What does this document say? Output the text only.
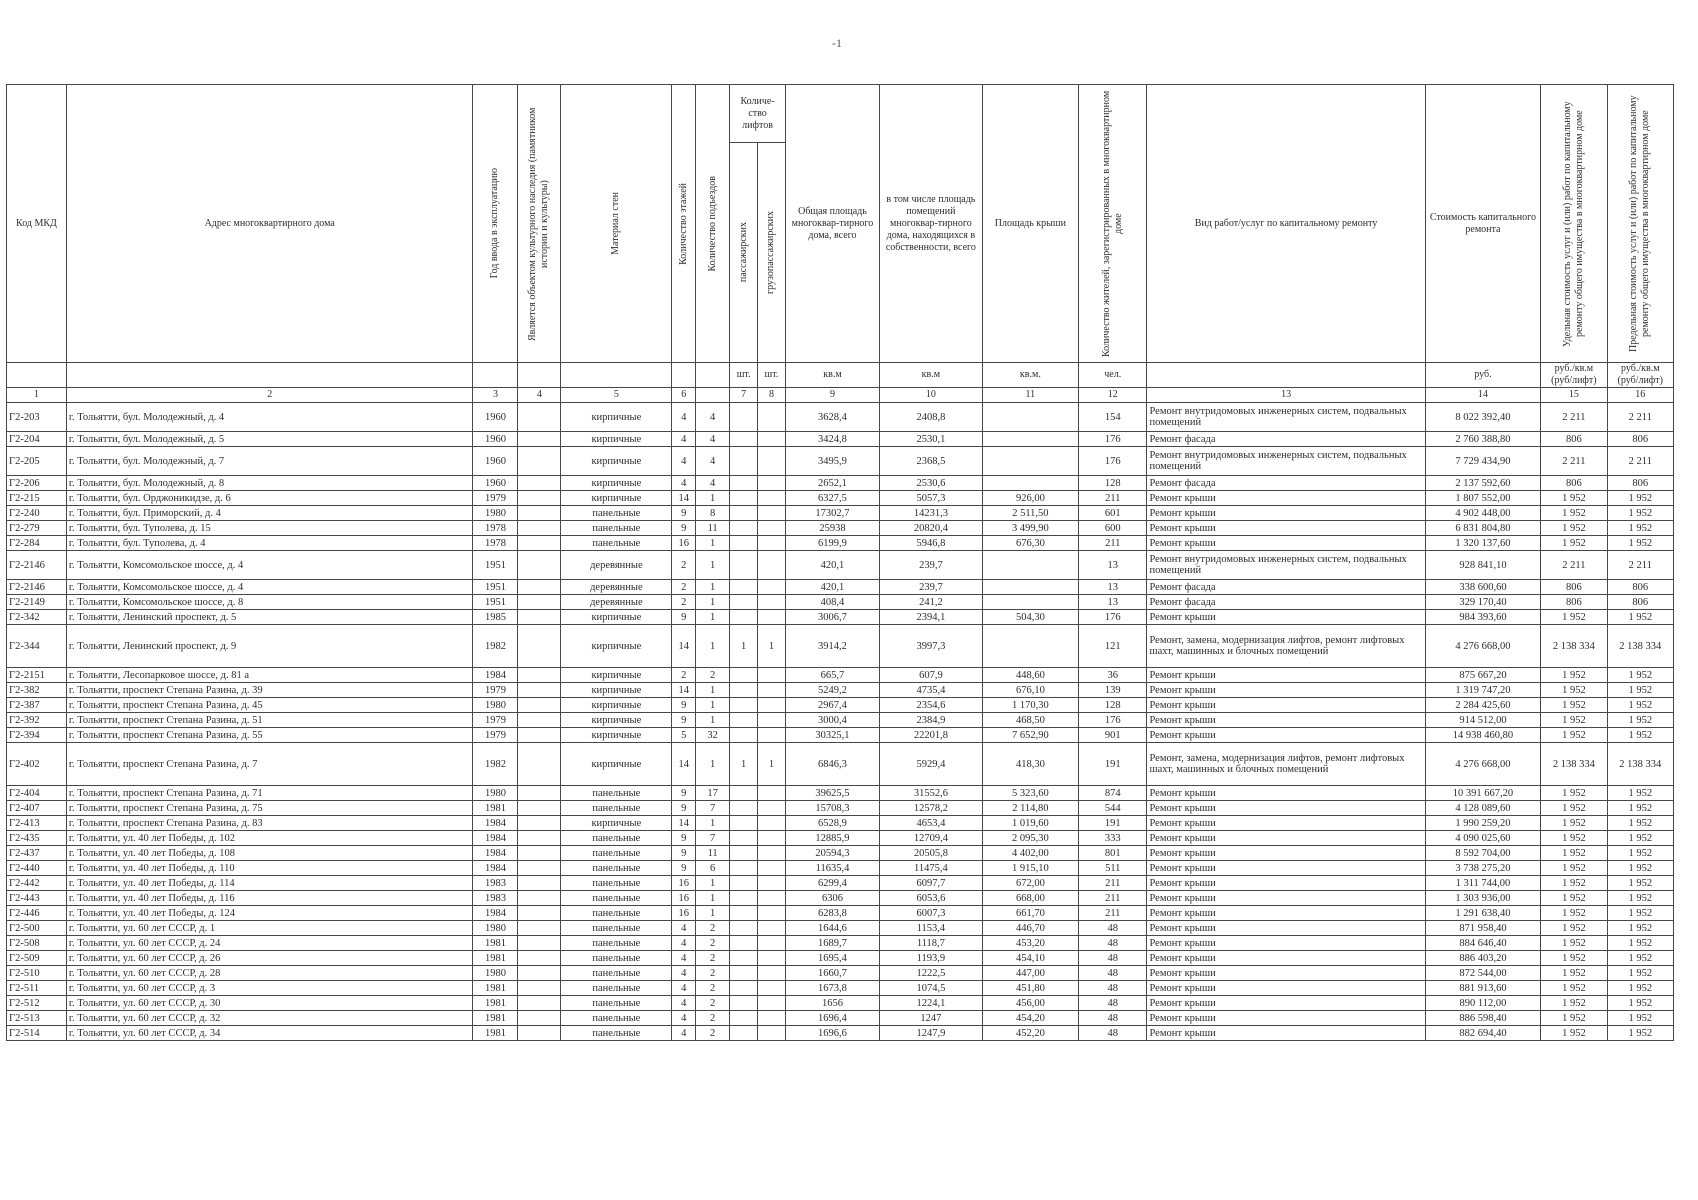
-1
Код МКД	Адрес многоквартирного дома	Год ввода в эксплуатацию	Является объектом культурного наследия (памятником истории и культуры)	Материал стен	Количество этажей	Количество подъездов	Количе-ство лифтов		Общая площадь многоквар-тирного дома, всего	в том числе площадь помещений многоквар-тирного дома, находящихся в собственности, всего	Площадь крыши	Количество жителей, зарегистрированных в многоквартирном доме	Вид работ/услуг по капитальному ремонту	Стоимость капитального ремонта	Удельная стоимость услуг и (или) работ по капитальному ремонту общего имущества в многоквартирном доме	Предельная стоимость услуг и (или) работ по капитальному ремонту общего имущества в многоквартирном доме

							пассажирских	грузопассажирских								

							шт.	шт.	кв.м	кв.м	кв.м.	чел.		руб.	руб./кв.м (руб/лифт)	руб./кв.м (руб/лифт)
1	2	3	4	5	6		7	8	9	10	11	12	13	14	15	16
Г2-203	г. Тольятти, бул. Молодежный, д. 4	1960		кирпичные	4	4			3628,4	2408,8		154	Ремонт внутридомовых инженерных систем, подвальных помещений	8 022 392,40	2 211	2 211
Г2-204	г. Тольятти, бул. Молодежный, д. 5	1960		кирпичные	4	4			3424,8	2530,1		176	Ремонт фасада	2 760 388,80	806	806
Г2-205	г. Тольятти, бул. Молодежный, д. 7	1960		кирпичные	4	4			3495,9	2368,5		176	Ремонт внутридомовых инженерных систем, подвальных помещений	7 729 434,90	2 211	2 211
Г2-206	г. Тольятти, бул. Молодежный, д. 8	1960		кирпичные	4	4			2652,1	2530,6		128	Ремонт фасада	2 137 592,60	806	806
Г2-215	г. Тольятти, бул. Орджоникидзе, д. 6	1979		кирпичные	14	1			6327,5	5057,3	926,00	211	Ремонт крыши	1 807 552,00	1 952	1 952
Г2-240	г. Тольятти, бул. Приморский, д. 4	1980		панельные	9	8			17302,7	14231,3	2 511,50	601	Ремонт крыши	4 902 448,00	1 952	1 952
Г2-279	г. Тольятти, бул. Туполева, д. 15	1978		панельные	9	11			25938	20820,4	3 499,90	600	Ремонт крыши	6 831 804,80	1 952	1 952
Г2-284	г. Тольятти, бул. Туполева, д. 4	1978		панельные	16	1			6199,9	5946,8	676,30	211	Ремонт крыши	1 320 137,60	1 952	1 952
Г2-2146	г. Тольятти, Комсомольское шоссе, д. 4	1951		деревянные	2	1			420,1	239,7		13	Ремонт внутридомовых инженерных систем, подвальных помещений	928 841,10	2 211	2 211
Г2-2146	г. Тольятти, Комсомольское шоссе, д. 4	1951		деревянные	2	1			420,1	239,7		13	Ремонт фасада	338 600,60	806	806
Г2-2149	г. Тольятти, Комсомольское шоссе, д. 8	1951		деревянные	2	1			408,4	241,2		13	Ремонт фасада	329 170,40	806	806
Г2-342	г. Тольятти, Ленинский проспект, д. 5	1985		кирпичные	9	1			3006,7	2394,1	504,30	176	Ремонт крыши	984 393,60	1 952	1 952
Г2-344	г. Тольятти, Ленинский проспект, д. 9	1982		кирпичные	14	1	1	1	3914,2	3997,3		121	Ремонт, замена, модернизация лифтов, ремонт лифтовых шахт, машинных и блочных помещений	4 276 668,00	2 138 334	2 138 334
Г2-2151	г. Тольятти, Лесопарковое шоссе, д. 81 а	1984		кирпичные	2	2			665,7	607,9	448,60	36	Ремонт крыши	875 667,20	1 952	1 952
Г2-382	г. Тольятти, проспект Степана Разина, д. 39	1979		кирпичные	14	1			5249,2	4735,4	676,10	139	Ремонт крыши	1 319 747,20	1 952	1 952
Г2-387	г. Тольятти, проспект Степана Разина, д. 45	1980		кирпичные	9	1			2967,4	2354,6	1 170,30	128	Ремонт крыши	2 284 425,60	1 952	1 952
Г2-392	г. Тольятти, проспект Степана Разина, д. 51	1979		кирпичные	9	1			3000,4	2384,9	468,50	176	Ремонт крыши	914 512,00	1 952	1 952
Г2-394	г. Тольятти, проспект Степана Разина, д. 55	1979		кирпичные	5	32			30325,1	22201,8	7 652,90	901	Ремонт крыши	14 938 460,80	1 952	1 952
Г2-402	г. Тольятти, проспект Степана Разина, д. 7	1982		кирпичные	14	1	1	1	6846,3	5929,4	418,30	191	Ремонт, замена, модернизация лифтов, ремонт лифтовых шахт, машинных и блочных помещений	4 276 668,00	2 138 334	2 138 334
Г2-404	г. Тольятти, проспект Степана Разина, д. 71	1980		панельные	9	17			39625,5	31552,6	5 323,60	874	Ремонт крыши	10 391 667,20	1 952	1 952
Г2-407	г. Тольятти, проспект Степана Разина, д. 75	1981		панельные	9	7			15708,3	12578,2	2 114,80	544	Ремонт крыши	4 128 089,60	1 952	1 952
Г2-413	г. Тольятти, проспект Степана Разина, д. 83	1984		кирпичные	14	1			6528,9	4653,4	1 019,60	191	Ремонт крыши	1 990 259,20	1 952	1 952
Г2-435	г. Тольятти, ул. 40 лет Победы, д. 102	1984		панельные	9	7			12885,9	12709,4	2 095,30	333	Ремонт крыши	4 090 025,60	1 952	1 952
Г2-437	г. Тольятти, ул. 40 лет Победы, д. 108	1984		панельные	9	11			20594,3	20505,8	4 402,00	801	Ремонт крыши	8 592 704,00	1 952	1 952
Г2-440	г. Тольятти, ул. 40 лет Победы, д. 110	1984		панельные	9	6			11635,4	11475,4	1 915,10	511	Ремонт крыши	3 738 275,20	1 952	1 952
Г2-442	г. Тольятти, ул. 40 лет Победы, д. 114	1983		панельные	16	1			6299,4	6097,7	672,00	211	Ремонт крыши	1 311 744,00	1 952	1 952
Г2-443	г. Тольятти, ул. 40 лет Победы, д. 116	1983		панельные	16	1			6306	6053,6	668,00	211	Ремонт крыши	1 303 936,00	1 952	1 952
Г2-446	г. Тольятти, ул. 40 лет Победы, д. 124	1984		панельные	16	1			6283,8	6007,3	661,70	211	Ремонт крыши	1 291 638,40	1 952	1 952
Г2-500	г. Тольятти, ул. 60 лет СССР, д. 1	1980		панельные	4	2			1644,6	1153,4	446,70	48	Ремонт крыши	871 958,40	1 952	1 952
Г2-508	г. Тольятти, ул. 60 лет СССР, д. 24	1981		панельные	4	2			1689,7	1118,7	453,20	48	Ремонт крыши	884 646,40	1 952	1 952
Г2-509	г. Тольятти, ул. 60 лет СССР, д. 26	1981		панельные	4	2			1695,4	1193,9	454,10	48	Ремонт крыши	886 403,20	1 952	1 952
Г2-510	г. Тольятти, ул. 60 лет СССР, д. 28	1980		панельные	4	2			1660,7	1222,5	447,00	48	Ремонт крыши	872 544,00	1 952	1 952
Г2-511	г. Тольятти, ул. 60 лет СССР, д. 3	1981		панельные	4	2			1673,8	1074,5	451,80	48	Ремонт крыши	881 913,60	1 952	1 952
Г2-512	г. Тольятти, ул. 60 лет СССР, д. 30	1981		панельные	4	2			1656	1224,1	456,00	48	Ремонт крыши	890 112,00	1 952	1 952
Г2-513	г. Тольятти, ул. 60 лет СССР, д. 32	1981		панельные	4	2			1696,4	1247	454,20	48	Ремонт крыши	886 598,40	1 952	1 952
Г2-514	г. Тольятти, ул. 60 лет СССР, д. 34	1981		панельные	4	2			1696,6	1247,9	452,20	48	Ремонт крыши	882 694,40	1 952	1 952
